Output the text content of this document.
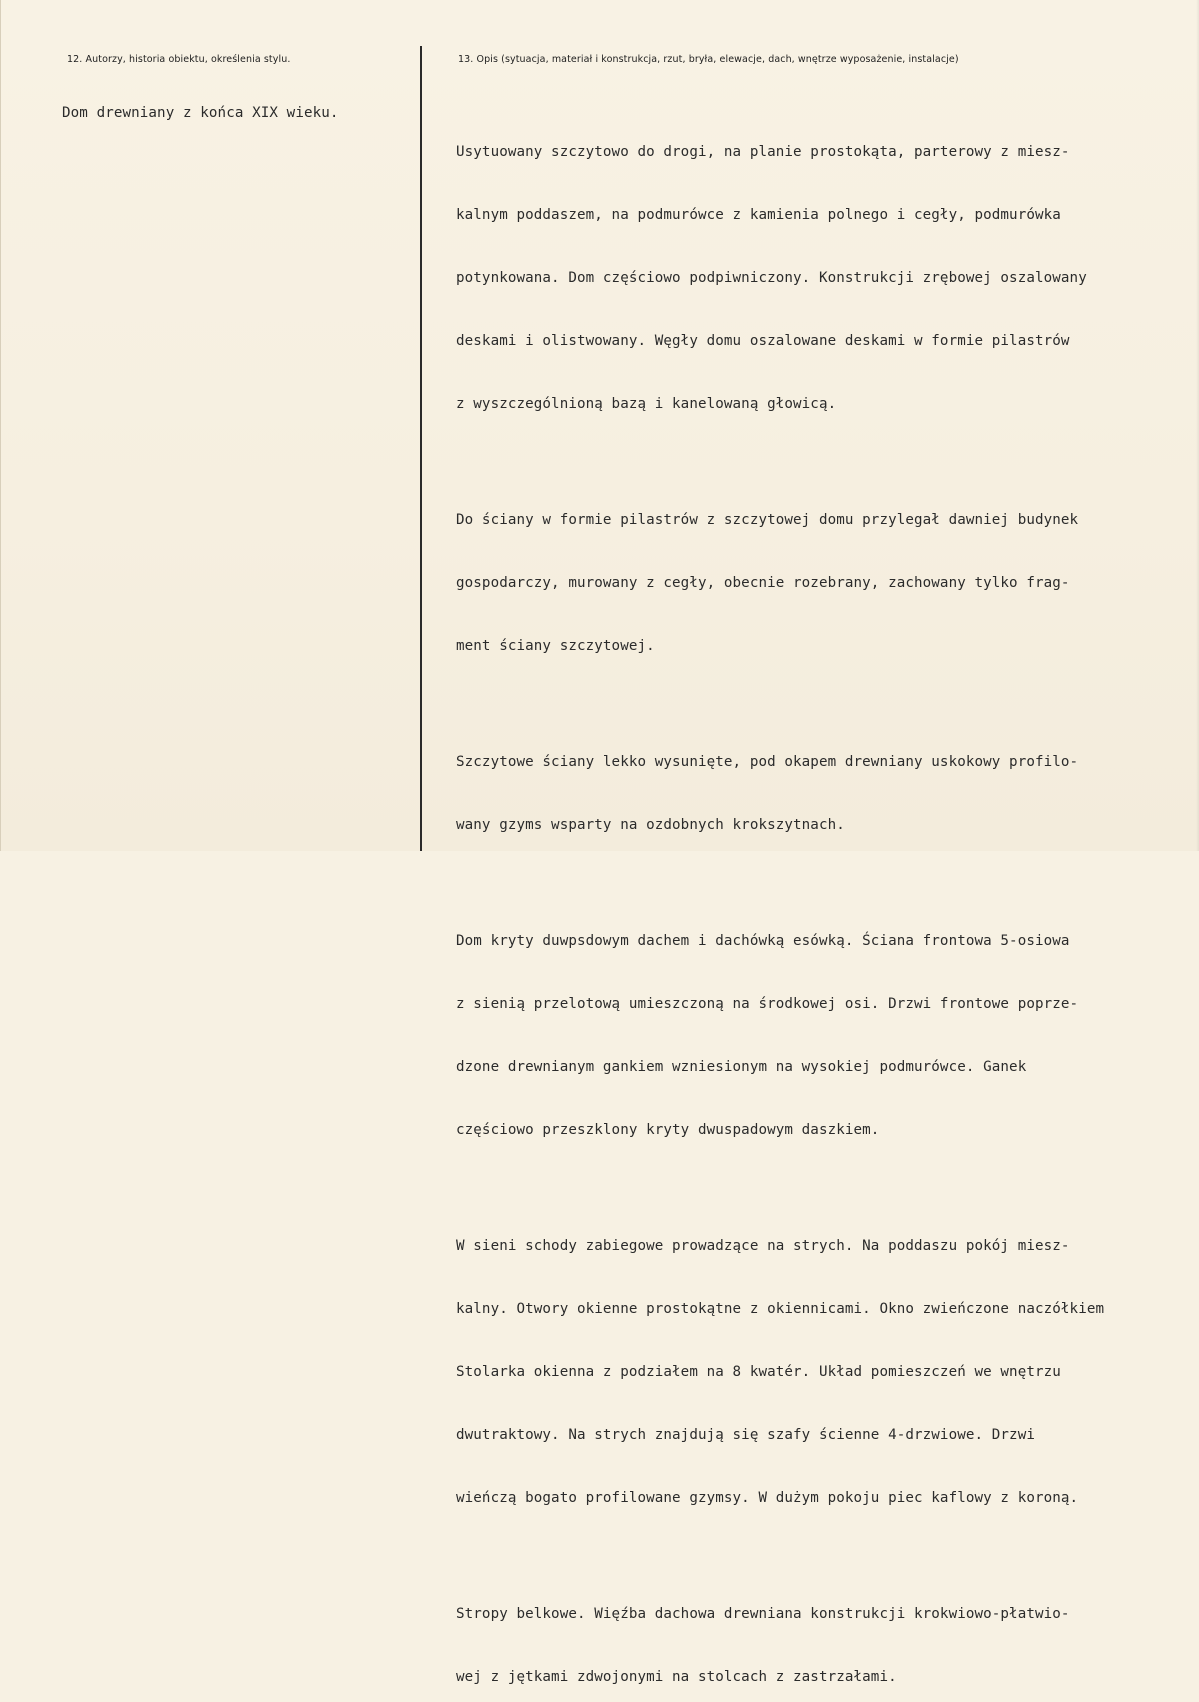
12. Autorzy, historia obiektu, określenia stylu.	13. Opis (sytuacja, materiał i konstrukcja, rzut, bryła, elewacje, dach, wnętrze wyposażenie, instalacje)
Dom drewniany z końca XIX wieku.

Usytuowany szczytowo do drogi, na planie prostokąta, parterowy z miesz-

kalnym poddaszem, na podmurówce z kamienia polnego i cegły, podmurówka

potynkowana. Dom częściowo podpiwniczony. Konstrukcji zrębowej oszalowany

deskami i olistwowany. Węgły domu oszalowane deskami w formie pilastrów

z wyszczególnioną bazą i kanelowaną głowicą.

Do ściany w formie pilastrów z szczytowej domu przylegał dawniej budynek

gospodarczy, murowany z cegły, obecnie rozebrany, zachowany tylko frag-

ment ściany szczytowej.

Szczytowe ściany lekko wysunięte, pod okapem drewniany uskokowy profilo-

wany gzyms wsparty na ozdobnych krokszytnach.

Dom kryty duwpsdowym dachem i dachówką esówką. Ściana frontowa 5-osiowa

z sienią przelotową umieszczoną na środkowej osi. Drzwi frontowe poprze-

dzone drewnianym gankiem wzniesionym na wysokiej podmurówce. Ganek

częściowo przeszklony kryty dwuspadowym daszkiem.

W sieni schody zabiegowe prowadzące na strych. Na poddaszu pokój miesz-

kalny. Otwory okienne prostokątne z okiennicami. Okno zwieńczone naczółkiem

Stolarka okienna z podziałem na 8 kwatér. Układ pomieszczeń we wnętrzu

dwutraktowy. Na strych znajdują się szafy ścienne 4-drzwiowe. Drzwi

wieńczą bogato profilowane gzymsy. W dużym pokoju piec kaflowy z koroną.

Stropy belkowe. Więźba dachowa drewniana konstrukcji krokwiowo-płatwio-

wej z jętkami zdwojonymi na stolcach z zastrzałami.
